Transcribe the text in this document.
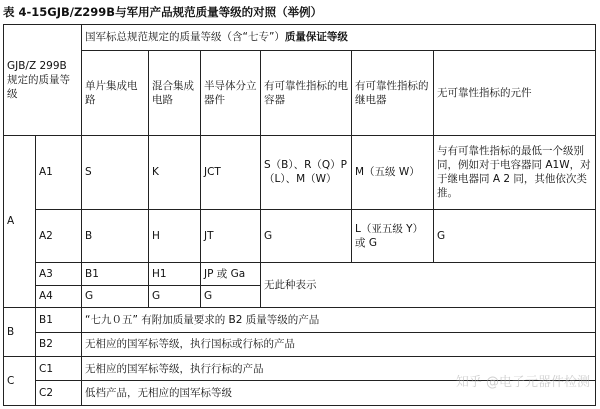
表 4-15GJB/Z299B与军用产品规范质量等级的对照（举例）
GJB/Z 299B 规定的质量等级		国军标总规范规定的质量等级（含“七专”）质量保证等级					
		单片集成电路	混合集成电路	半导体分立器件	有可靠性指标的电容器	有可靠性指标的继电器	无可靠性指标的元件
A	A1	S	K	JCT	S（B）、R（Q）P（L）、M（W）	M（五级 W）	与有可靠性指标的最低一个级别同，例如对于电容器同 A1W，对于继电器同 A 2 同，其他依次类推。
	A2	B	H	JT	G	L（亚五级 Y）或 G	G
	A3	B1	H1	JP 或 Ga	无此种表示		
	A4	G	G	G			
B	B1	“七九０五” 有附加质量要求的 B2 质量等级的产品					
	B2	无相应的国军标等级，执行国标或行标的产品					
C	C1	无相应的国军标等级，执行行标的产品					
	C2	低档产品，无相应的国军标等级					
知乎 @电子元器件检测
